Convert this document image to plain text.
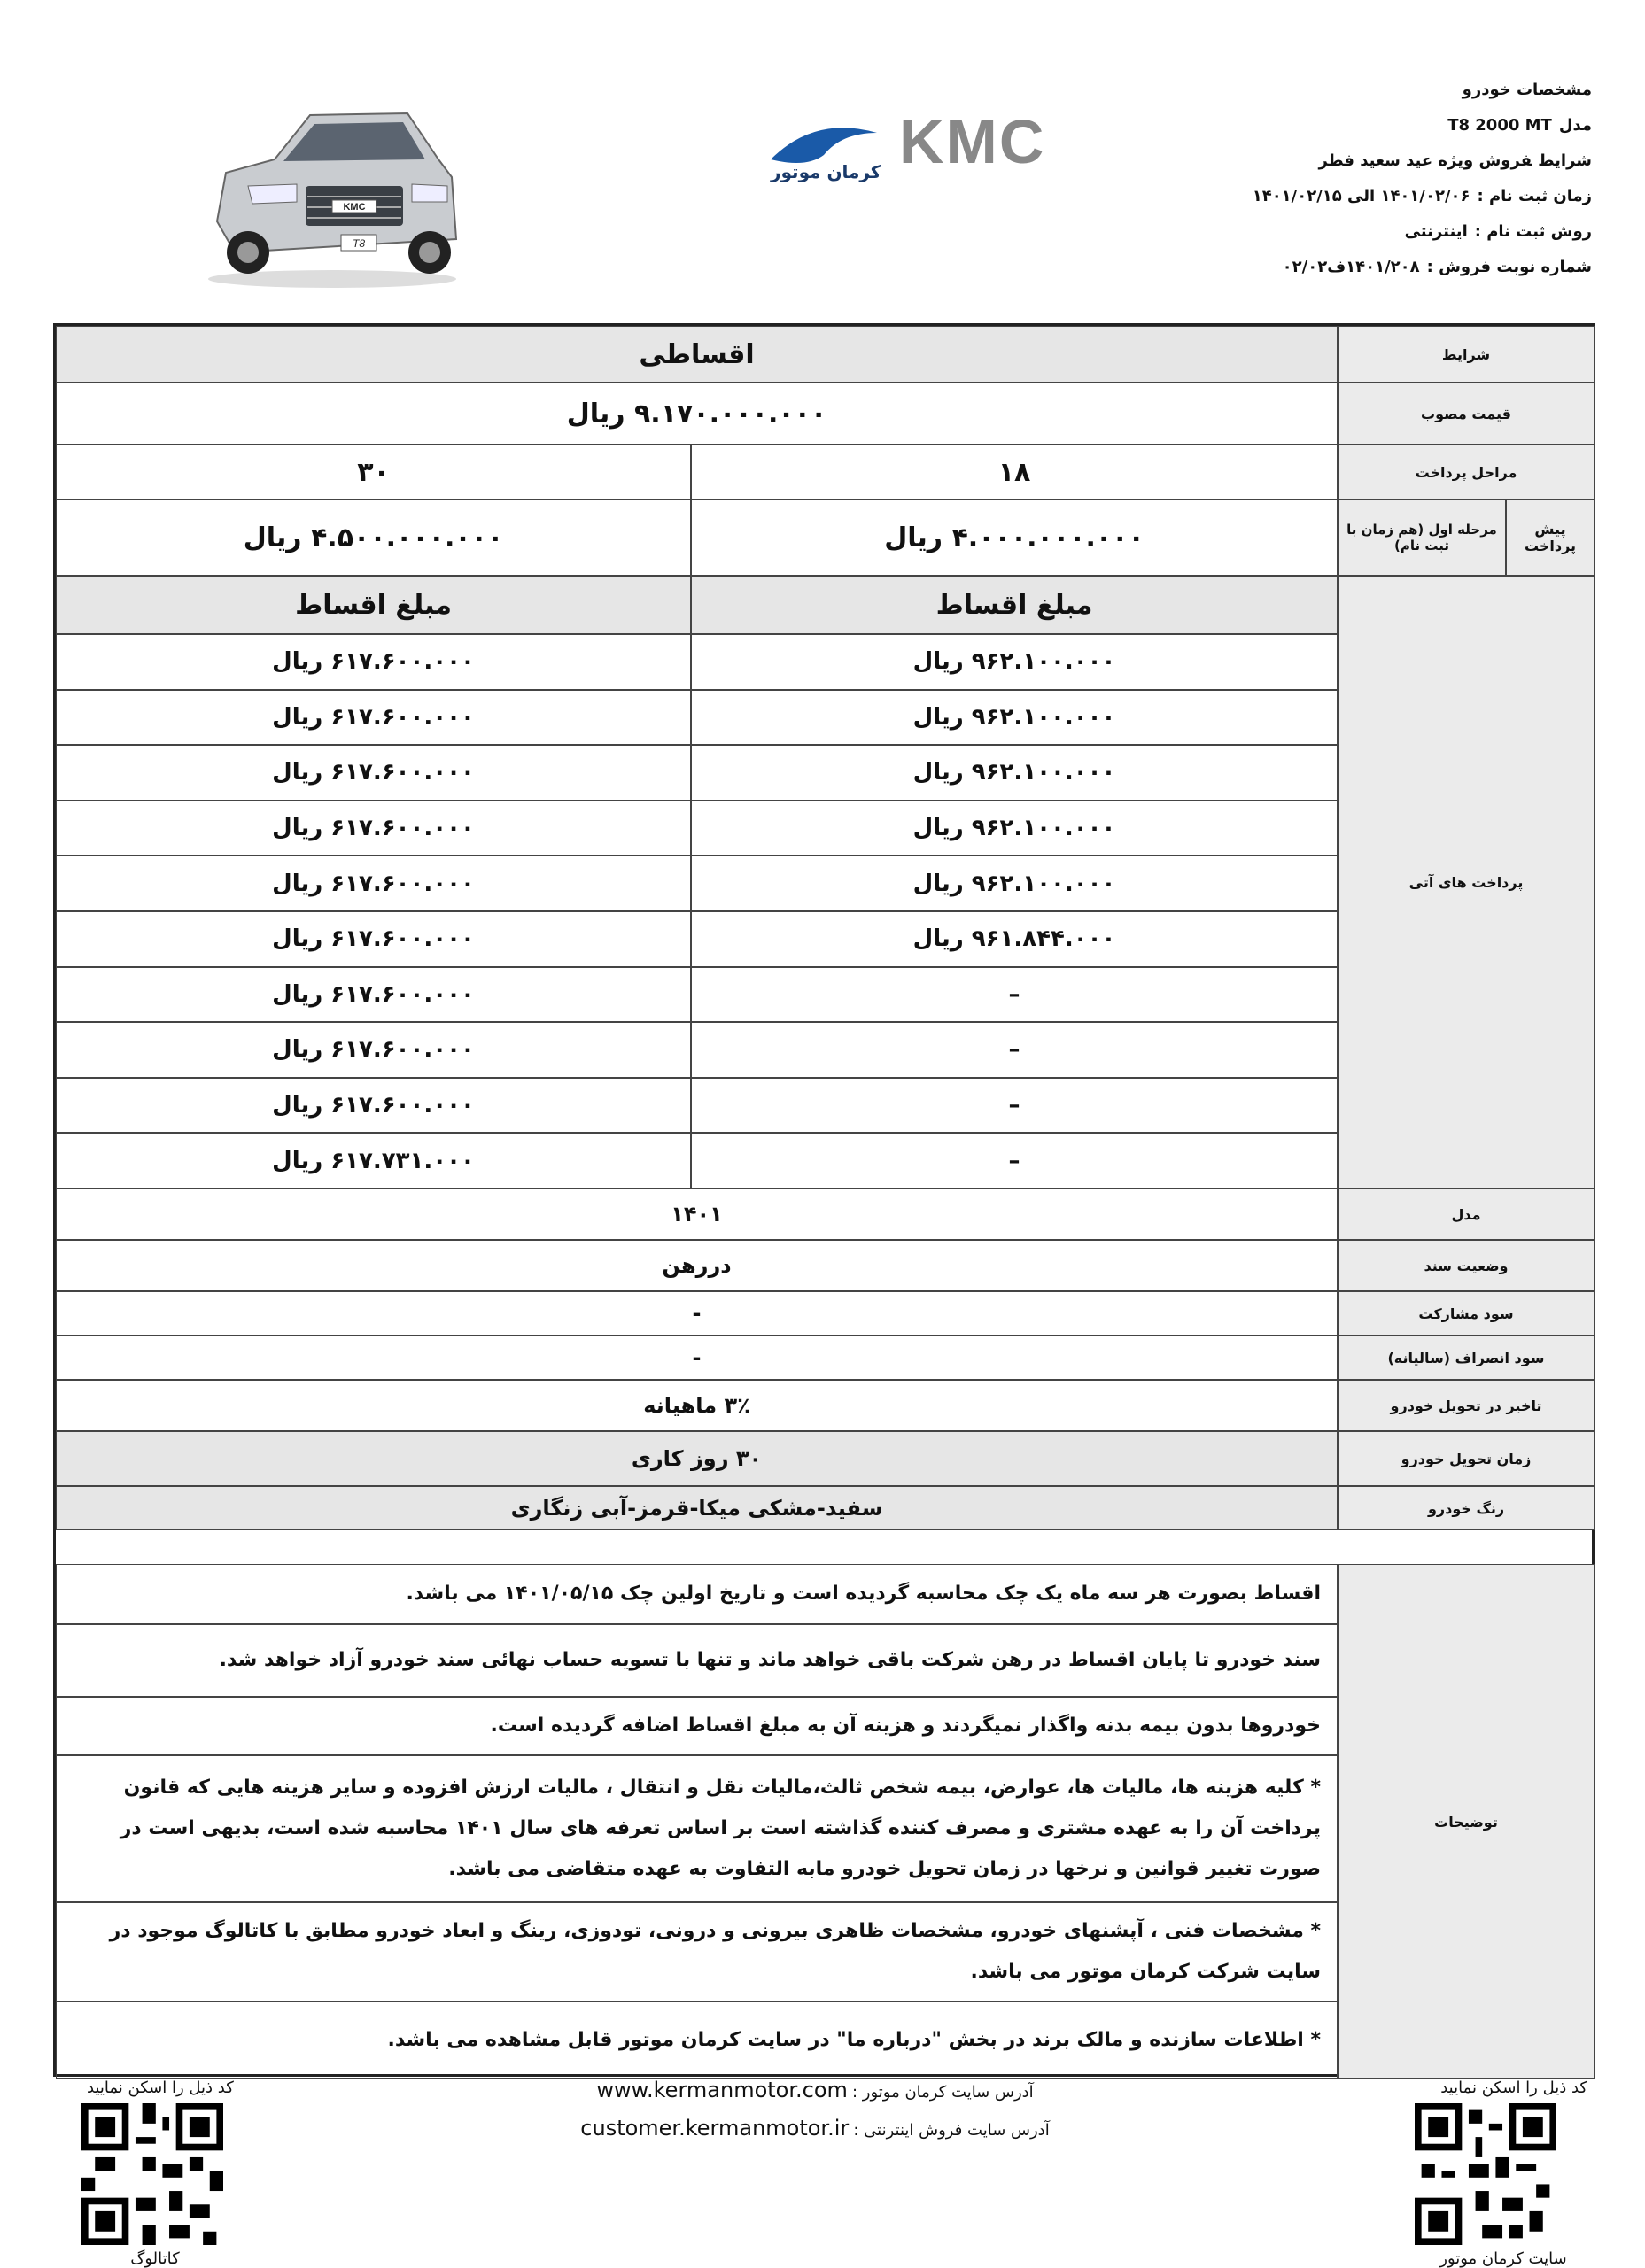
KMC
T8
KMC
کرمان موتور
مشخصات خودرو
مدلT8 2000 MT
شرایطفروش ویژه عید سعید فطر
زمان ثبت نام :۱۴۰۱/۰۲/۰۶ الی ۱۴۰۱/۰۲/۱۵
روش ثبت نام :اینترنتی
شماره نوبت فروش :۱۴۰۱/۲۰۸ف۰۲/۰۲
شرایط
اقساطی
قیمت مصوب
۹.۱۷۰.۰۰۰.۰۰۰ ریال
مراحل پرداخت
۱۸
۳۰
پیش پرداخت
مرحله اول (هم زمان با ثبت نام)
۴.۰۰۰.۰۰۰.۰۰۰ ریال
۴.۵۰۰.۰۰۰.۰۰۰ ریال
پرداخت های آتی
مبلغ اقساط
مبلغ اقساط
۹۶۲.۱۰۰.۰۰۰ ریال
۶۱۷.۶۰۰.۰۰۰ ریال
۹۶۲.۱۰۰.۰۰۰ ریال
۶۱۷.۶۰۰.۰۰۰ ریال
۹۶۲.۱۰۰.۰۰۰ ریال
۶۱۷.۶۰۰.۰۰۰ ریال
۹۶۲.۱۰۰.۰۰۰ ریال
۶۱۷.۶۰۰.۰۰۰ ریال
۹۶۲.۱۰۰.۰۰۰ ریال
۶۱۷.۶۰۰.۰۰۰ ریال
۹۶۱.۸۴۴.۰۰۰ ریال
۶۱۷.۶۰۰.۰۰۰ ریال
–
۶۱۷.۶۰۰.۰۰۰ ریال
–
۶۱۷.۶۰۰.۰۰۰ ریال
–
۶۱۷.۶۰۰.۰۰۰ ریال
–
۶۱۷.۷۳۱.۰۰۰ ریال
مدل
۱۴۰۱
وضعیت سند
دررهن
سود مشارکت
-
سود انصراف (سالیانه)
-
تاخیر در تحویل خودرو
۳٪ ماهیانه
زمان تحویل خودرو
۳۰ روز کاری
رنگ خودرو
سفید-مشکی میکا-قرمز-آبی زنگاری
توضیحات
اقساط بصورت هر سه ماه یک چک محاسبه گردیده است و تاریخ اولین چک ۱۴۰۱/۰۵/۱۵ می باشد.
سند خودرو تا پایان اقساط در رهن شرکت باقی خواهد ماند و تنها با تسویه حساب نهائی سند خودرو آزاد خواهد شد.
خودروها بدون بیمه بدنه واگذار نمیگردند و هزینه آن به مبلغ اقساط اضافه گردیده است.
* کلیه هزینه ها، مالیات ها، عوارض، بیمه شخص ثالث،مالیات نقل و انتقال ، مالیات ارزش افزوده و سایر هزینه هایی که قانون پرداخت آن را به عهده مشتری و مصرف کننده گذاشته است بر اساس تعرفه های سال ۱۴۰۱ محاسبه شده است، بدیهی است در صورت تغییر قوانین و نرخها در زمان تحویل خودرو مابه التفاوت به عهده متقاضی می باشد.
* مشخصات فنی ، آپشنهای خودرو، مشخصات ظاهری بیرونی و درونی، تودوزی، رینگ و ابعاد خودرو مطابق با کاتالوگ موجود در سایت شرکت کرمان موتور می باشد.
* اطلاعات سازنده و مالک برند در بخش "درباره ما" در سایت کرمان موتور قابل مشاهده می باشد.
کد ذیل را اسکن نمایید
کد ذیل را اسکن نمایید
سایت کرمان موتور
کاتالوگ
آدرس سایت کرمان موتور : www.kermanmotor.com
آدرس سایت فروش اینترنتی : customer.kermanmotor.ir
